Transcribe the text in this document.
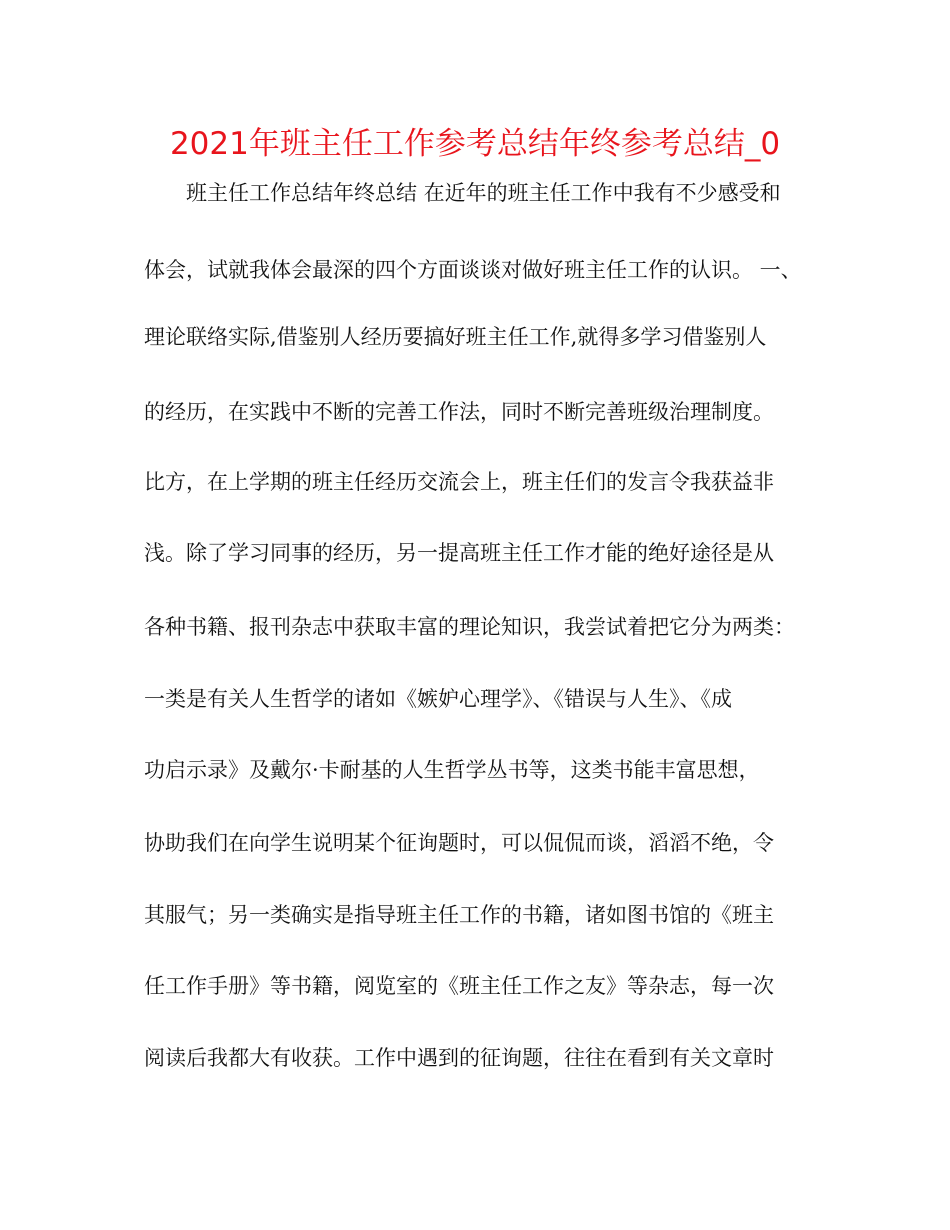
2021年班主任工作参考总结年终参考总结_0
班主任工作总结年终总结 在近年的班主任工作中我有不少感受和
体会，试就我体会最深的四个方面谈谈对做好班主任工作的认识。 一、
理论联络实际,借鉴别人经历要搞好班主任工作,就得多学习借鉴别人
的经历，在实践中不断的完善工作法，同时不断完善班级治理制度。
比方，在上学期的班主任经历交流会上，班主任们的发言令我获益非
浅。除了学习同事的经历，另一提高班主任工作才能的绝好途径是从
各种书籍、报刊杂志中获取丰富的理论知识，我尝试着把它分为两类：
一类是有关人生哲学的诸如《嫉妒心理学》、《错误与人生》、《成
功启示录》及戴尔·卡耐基的人生哲学丛书等，这类书能丰富思想，
协助我们在向学生说明某个征询题时，可以侃侃而谈，滔滔不绝，令
其服气；另一类确实是指导班主任工作的书籍，诸如图书馆的《班主
任工作手册》等书籍，阅览室的《班主任工作之友》等杂志，每一次
阅读后我都大有收获。工作中遇到的征询题，往往在看到有关文章时
